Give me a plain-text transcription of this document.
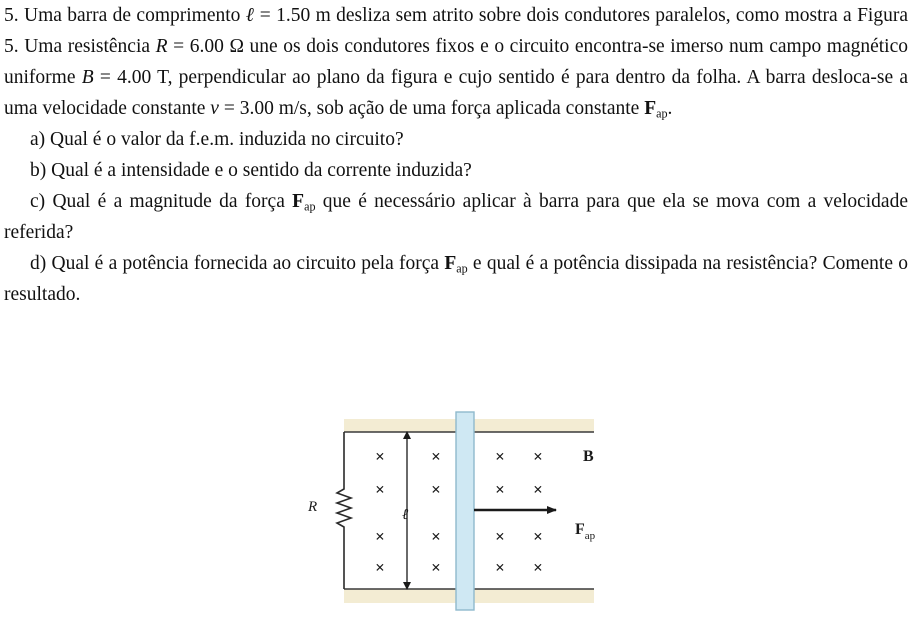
5. Uma barra de comprimento ℓ = 1.50 m desliza sem atrito sobre dois condutores paralelos, como mostra a Figura 5. Uma resistência R = 6.00 Ω une os dois condutores fixos e o circuito encontra-se imerso num campo magnético uniforme B = 4.00 T, perpendicular ao plano da figura e cujo sentido é para dentro da folha. A barra desloca-se a uma velocidade constante v = 3.00 m/s, sob ação de uma força aplicada constante $F_{ap}$.

a) Qual é o valor da f.e.m. induzida no circuito?

b) Qual é a intensidade e o sentido da corrente induzida?

c) Qual é a magnitude da força $F_{ap}$ que é necessário aplicar à barra para que ela se mova com a velocidade referida?

d) Qual é a potência fornecida ao circuito pela força $F_{ap}$ e qual é a potência dissipada na resistência? Comente o resultado.

R	ℓ
×	×	× ×
×	×	× ×
×	×	× ×
×	×	× ×
B
$F_{ap}$
